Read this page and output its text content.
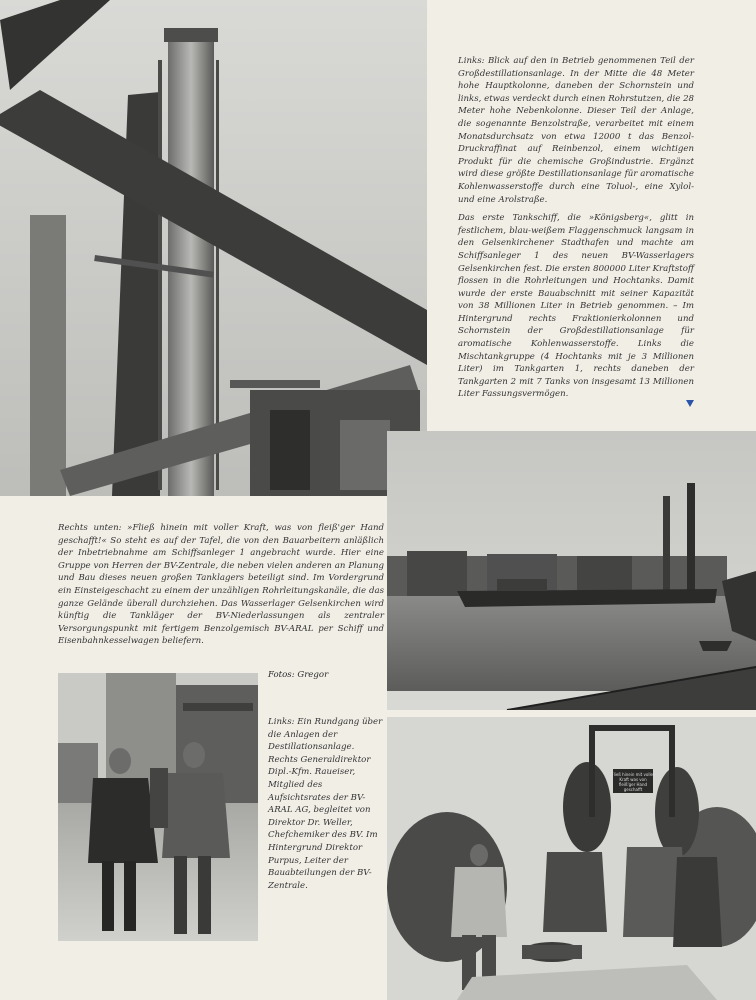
Links: Blick auf den in Betrieb genommenen Teil der Großdestillationsanlage. In der Mitte die 48 Meter hohe Hauptkolonne, daneben der Schornstein und links, etwas verdeckt durch einen Rohrstutzen, die 28 Meter hohe Nebenkolonne. Dieser Teil der Anlage, die sogenannte Benzolstraße, verarbeitet mit einem Monatsdurchsatz von etwa 12000 t das Benzol-Druckraffinat auf Reinbenzol, einem wichtigen Produkt für die chemische Großindustrie. Ergänzt wird diese größte Destillationsanlage für aromatische Kohlenwasserstoffe durch eine Toluol-, eine Xylol- und eine Arolstraße.

Das erste Tankschiff, die »Königsberg«, glitt in festlichem, blau-weißem Flaggenschmuck langsam in den Gelsenkirchener Stadthafen und machte am Schiffsanleger 1 des neuen BV-Wasserlagers Gelsenkirchen fest. Die ersten 800000 Liter Kraftstoff flossen in die Rohrleitungen und Hochtanks. Damit wurde der erste Bauabschnitt mit seiner Kapazität von 38 Millionen Liter in Betrieb genommen. – Im Hintergrund rechts Fraktionierkolonnen und Schornstein der Großdestillationsanlage für aromatische Kohlenwasserstoffe. Links die Mischtankgruppe (4 Hochtanks mit je 3 Millionen Liter) im Tankgarten 1, rechts daneben der Tankgarten 2 mit 7 Tanks von insgesamt 13 Millionen Liter Fassungsvermögen.

Rechts unten: »Fließ hinein mit voller Kraft, was von fleiß'ger Hand geschafft!« So steht es auf der Tafel, die von den Bauarbeitern anläßlich der Inbetriebnahme am Schiffsanleger 1 angebracht wurde. Hier eine Gruppe von Herren der BV-Zentrale, die neben vielen anderen an Planung und Bau dieses neuen großen Tanklagers beteiligt sind. Im Vordergrund ein Einsteigeschacht zu einem der unzähligen Rohrleitungskanäle, die das ganze Gelände überall durchziehen. Das Wasserlager Gelsenkirchen wird künftig die Tankläger der BV-Niederlassungen als zentraler Versorgungspunkt mit fertigem Benzolgemisch BV-ARAL per Schiff und Eisenbahnkesselwagen beliefern.

Fotos: Gregor

Links: Ein Rundgang über die Anlagen der Destillationsanlage. Rechts Generaldirektor Dipl.-Kfm. Raueiser, Mitglied des Aufsichtsrates der BV-ARAL AG, begleitet von Direktor Dr. Weller, Chefchemiker des BV. Im Hintergrund Direktor Purpus, Leiter der Bauabteilungen der BV-Zentrale.

Fließ hinein mit voller Kraft was von fleiß'ger Hand geschafft
